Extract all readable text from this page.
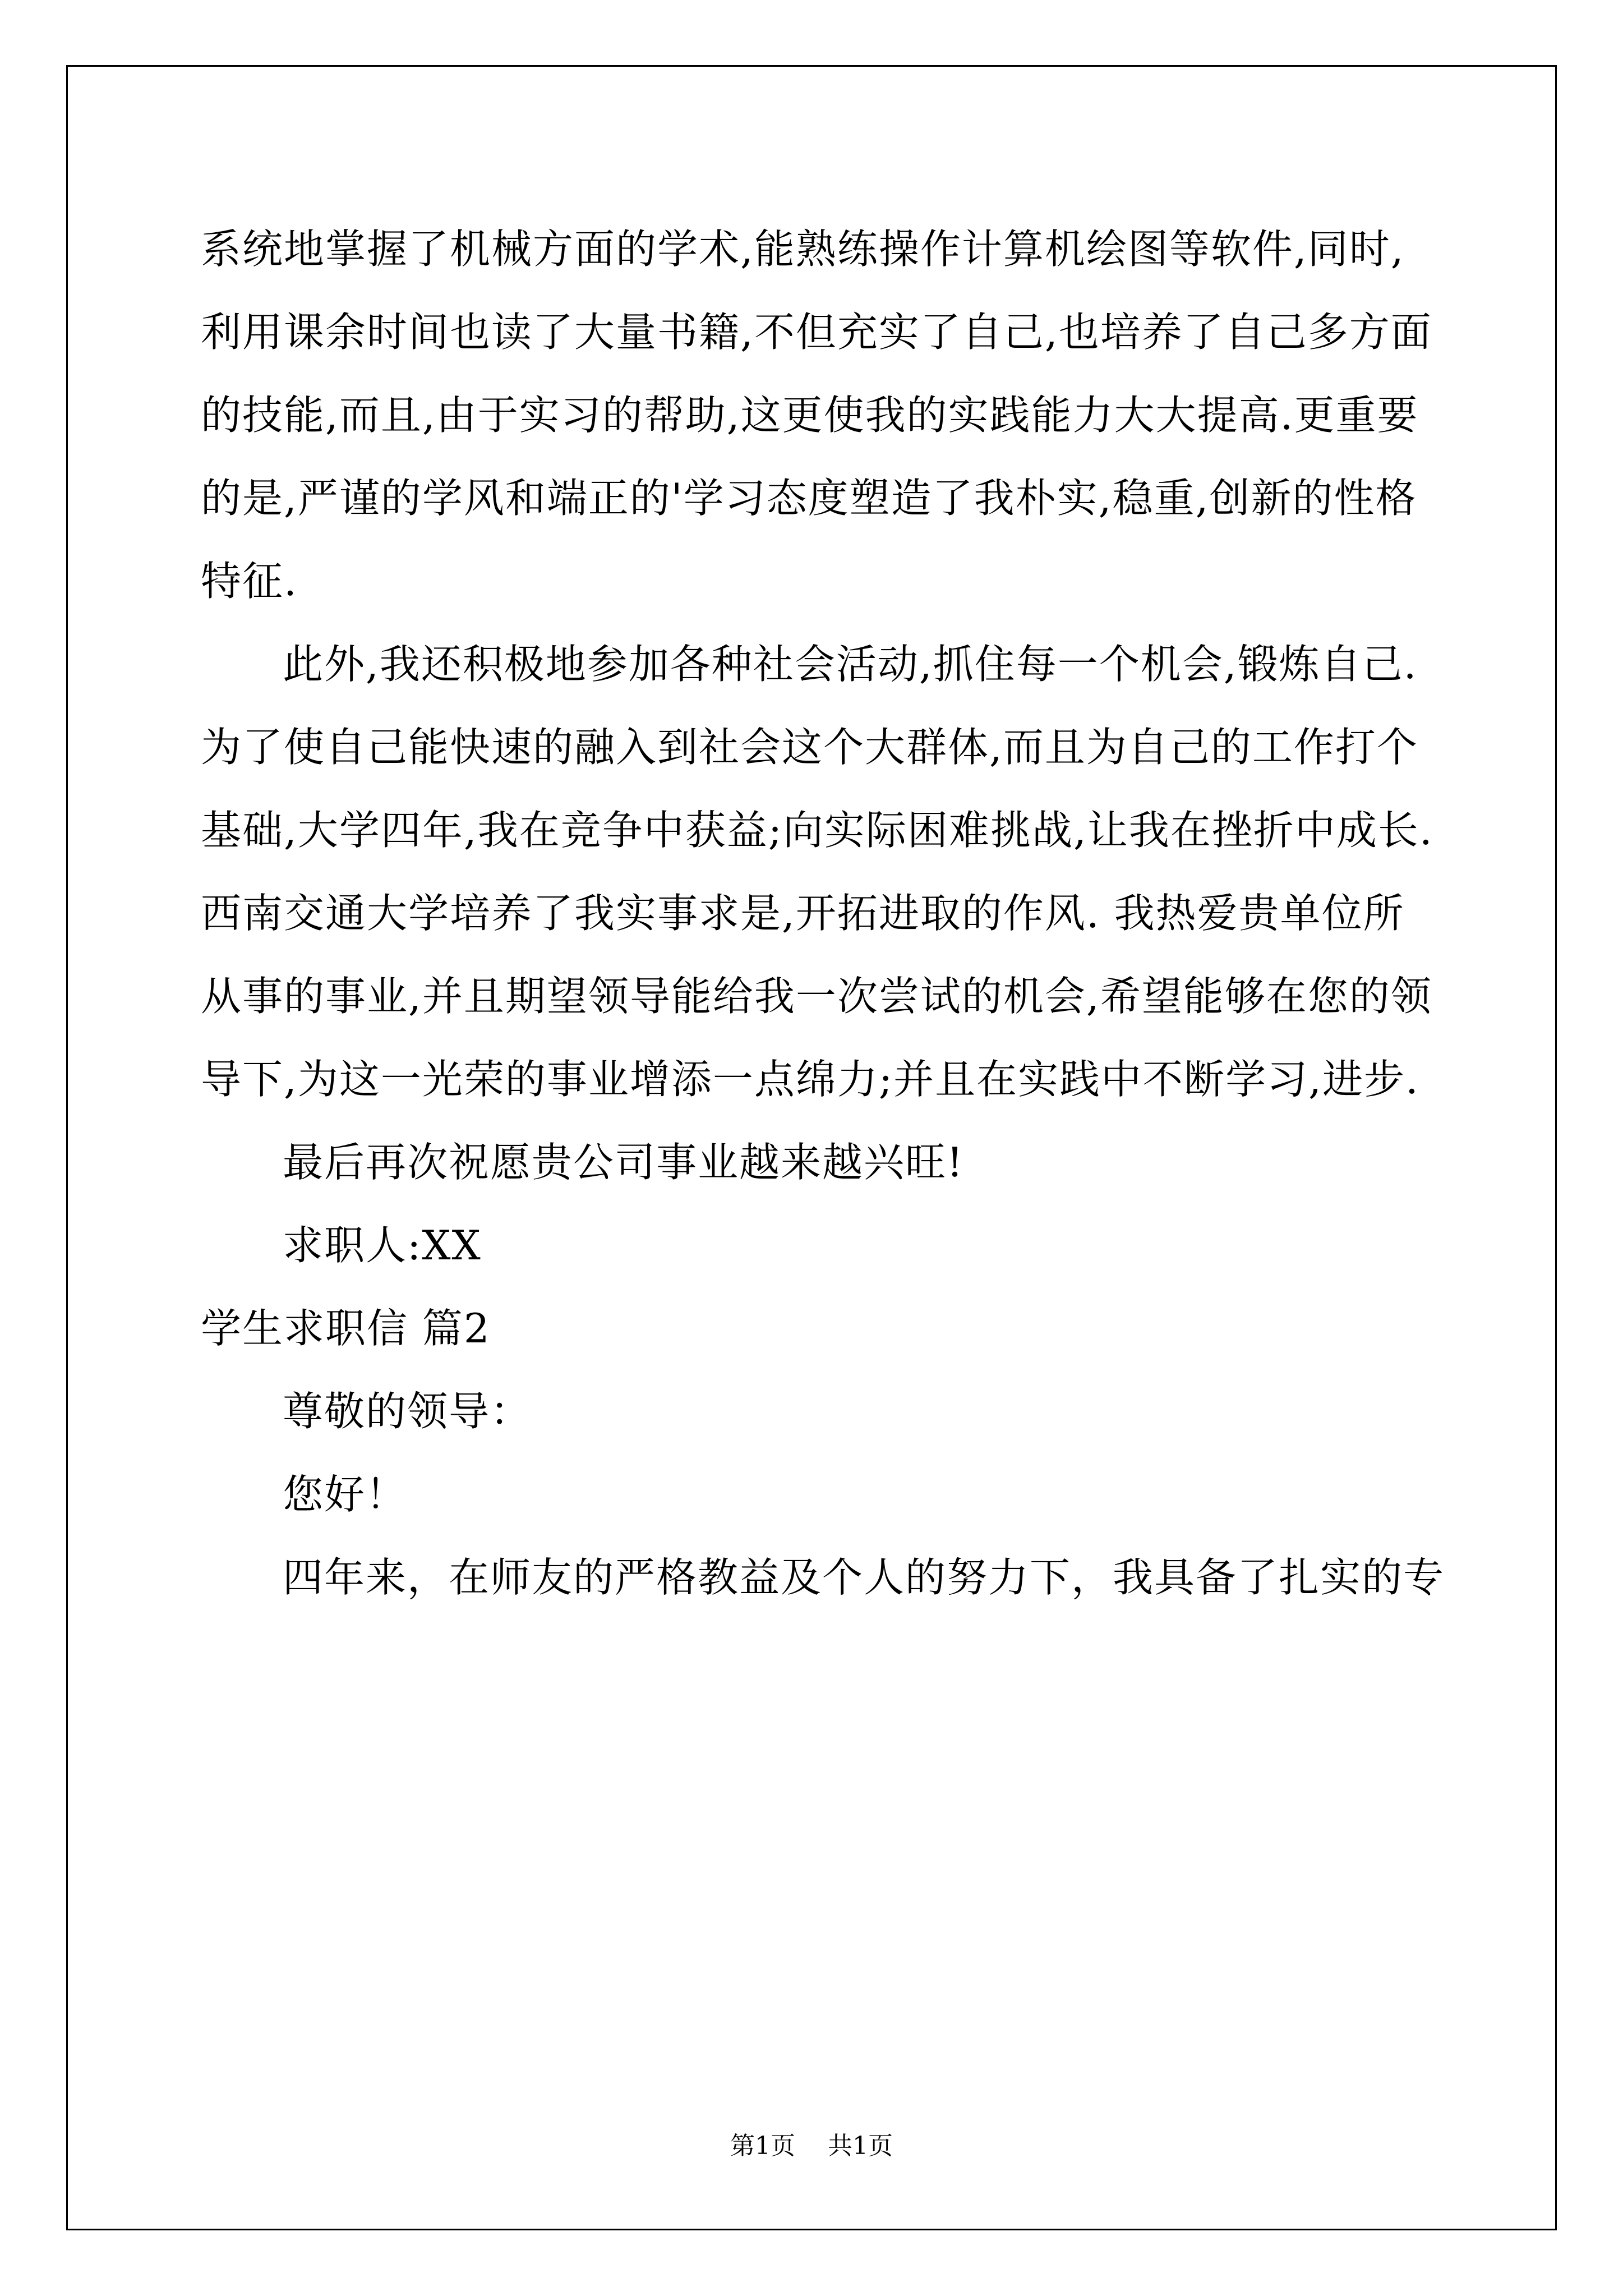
系统地掌握了机械方面的学术,能熟练操作计算机绘图等软件,同时,
利用课余时间也读了大量书籍,不但充实了自己,也培养了自己多方面
的技能,而且,由于实习的帮助,这更使我的实践能力大大提高.更重要
的是,严谨的学风和端正的'学习态度塑造了我朴实,稳重,创新的性格
特征.
此外,我还积极地参加各种社会活动,抓住每一个机会,锻炼自己.
为了使自己能快速的融入到社会这个大群体,而且为自己的工作打个
基础,大学四年,我在竞争中获益;向实际困难挑战,让我在挫折中成长.
西南交通大学培养了我实事求是,开拓进取的作风. 我热爱贵单位所
从事的事业,并且期望领导能给我一次尝试的机会,希望能够在您的领
导下,为这一光荣的事业增添一点绵力;并且在实践中不断学习,进步.
最后再次祝愿贵公司事业越来越兴旺!
求职人:XX
学生求职信 篇2
尊敬的领导：
您好！
四年来，在师友的严格教益及个人的努力下，我具备了扎实的专
第1页 共1页
